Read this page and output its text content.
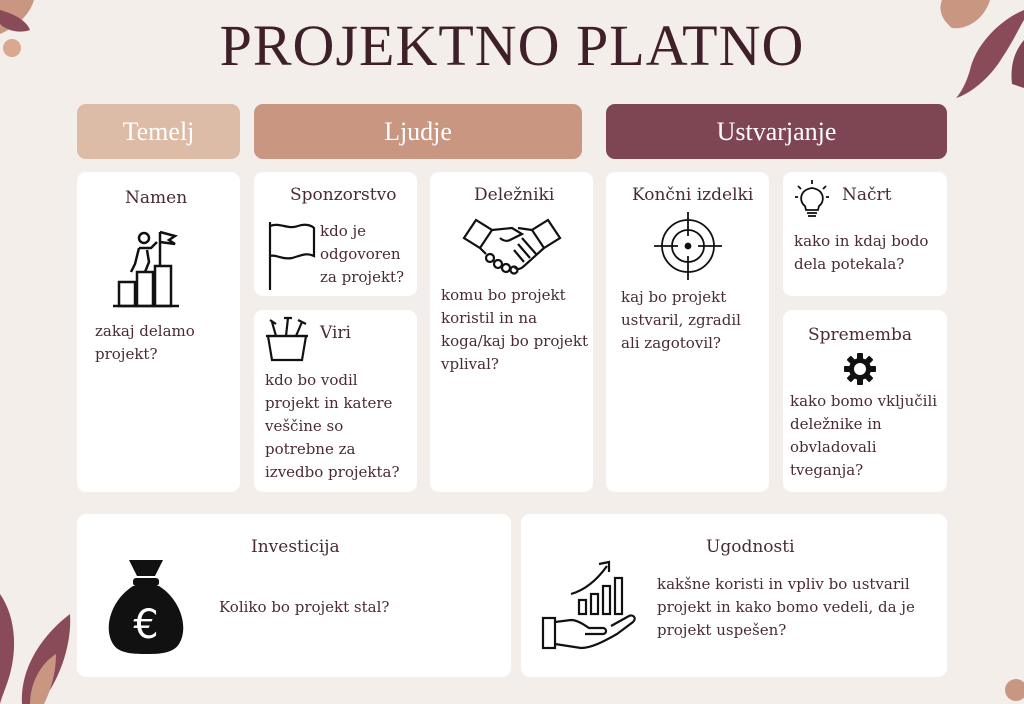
PROJEKTNO PLATNO
Temelj	Ljudje	Ustvarjanje
Namen
zakaj delamo projekt?
Sponzorstvo
kdo je odgovoren za projekt?
Viri
kdo bo vodil projekt in katere veščine so potrebne za izvedbo projekta?
Deležniki
komu bo projekt koristil in na koga/kaj bo projekt vplival?
Končni izdelki
kaj bo projekt ustvaril, zgradil ali zagotovil?
Načrt
kako in kdaj bodo dela potekala?
Sprememba
kako bomo vključili deležnike in obvladovali tveganja?
Investicija
€	Koliko bo projekt stal?
Ugodnosti
kakšne koristi in vpliv bo ustvaril projekt in kako bomo vedeli, da je projekt uspešen?
